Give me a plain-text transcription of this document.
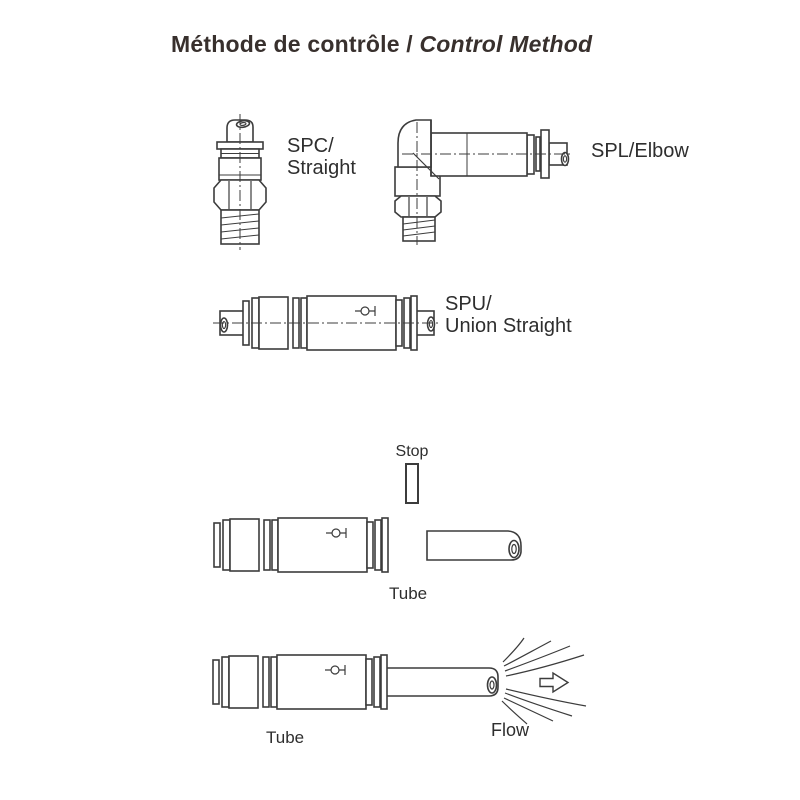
Méthode de contrôle / Control Method
SPC/
Straight
SPL/Elbow
SPU/
Union Straight
Stop
Tube
Tube	Flow
